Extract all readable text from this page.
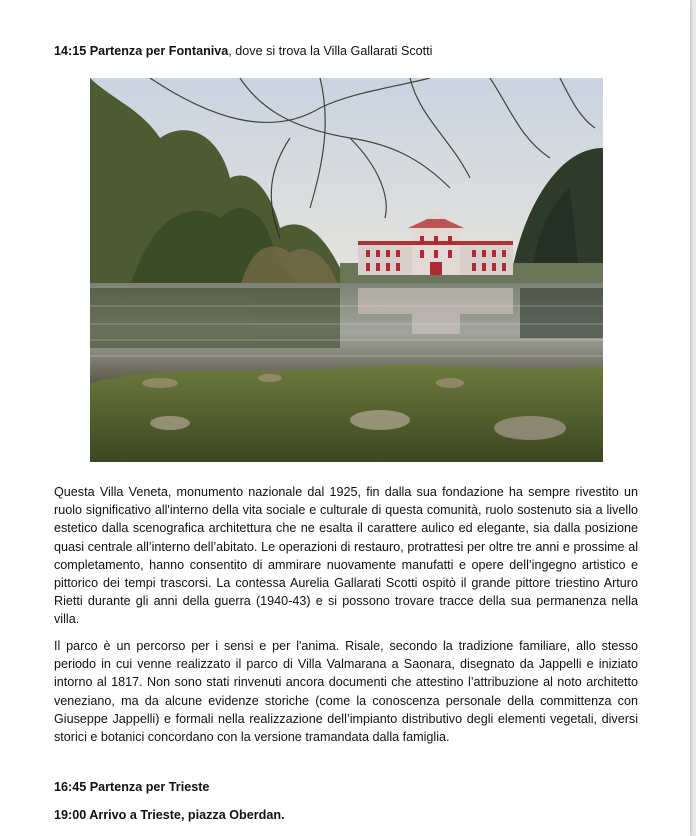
14:15 Partenza per Fontaniva, dove si trova la Villa Gallarati Scotti

Questa Villa Veneta, monumento nazionale dal 1925, fin dalla sua fondazione ha sempre rivestito un ruolo significativo all'interno della vita sociale e culturale di questa comunità, ruolo sostenuto sia a livello estetico dalla scenografica architettura che ne esalta il carattere aulico ed elegante, sia dalla posizione quasi centrale all’interno dell’abitato. Le operazioni di restauro, protrattesi per oltre tre anni e prossime al completamento, hanno consentito di ammirare nuovamente manufatti e opere dell’ingegno artistico e pittorico dei tempi trascorsi. La contessa Aurelia Gallarati Scotti ospitò il grande pittore triestino Arturo Rietti durante gli anni della guerra (1940-43) e si possono trovare tracce della sua permanenza nella villa.

Il parco è un percorso per i sensi e per l'anima. Risale, secondo la tradizione familiare, allo stesso periodo in cui venne realizzato il parco di Villa Valmarana a Saonara, disegnato da Jappelli e iniziato intorno al 1817. Non sono stati rinvenuti ancora documenti che attestino l’attribuzione al noto architetto veneziano, ma da alcune evidenze storiche (come la conoscenza personale della committenza con Giuseppe Jappelli) e formali nella realizzazione dell’impianto distributivo degli elementi vegetali, diversi storici e botanici concordano con la versione tramandata dalla famiglia.

16:45 Partenza per Trieste
19:00 Arrivo a Trieste, piazza Oberdan.
